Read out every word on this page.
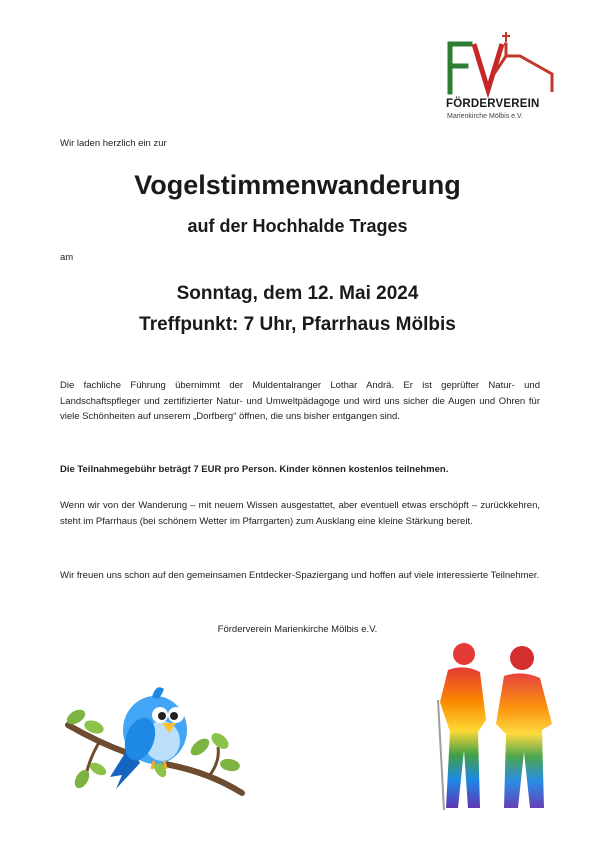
FÖRDERVEREIN
Marienkirche Mölbis e.V.
Wir laden herzlich ein zur
Vogelstimmenwanderung
auf der Hochhalde Trages
am
Sonntag, dem 12. Mai 2024
Treffpunkt: 7 Uhr, Pfarrhaus Mölbis
Die fachliche Führung übernimmt der Muldentalranger Lothar Andrä. Er ist geprüfter Natur- und Landschaftspfleger und zertifizierter Natur- und Umweltpädagoge und wird uns sicher die Augen und Ohren für viele Schönheiten auf unserem „Dorfberg“ öffnen, die uns bisher entgangen sind.
Die Teilnahmegebühr beträgt 7 EUR pro Person. Kinder können kostenlos teilnehmen.
Wenn wir von der Wanderung – mit neuem Wissen ausgestattet, aber eventuell etwas erschöpft – zurückkehren, steht im Pfarrhaus (bei schönem Wetter im Pfarrgarten) zum Ausklang eine kleine Stärkung bereit.
Wir freuen uns schon auf den gemeinsamen Entdecker-Spaziergang und hoffen auf viele interessierte Teilnehmer.
Förderverein Marienkirche Mölbis e.V.
